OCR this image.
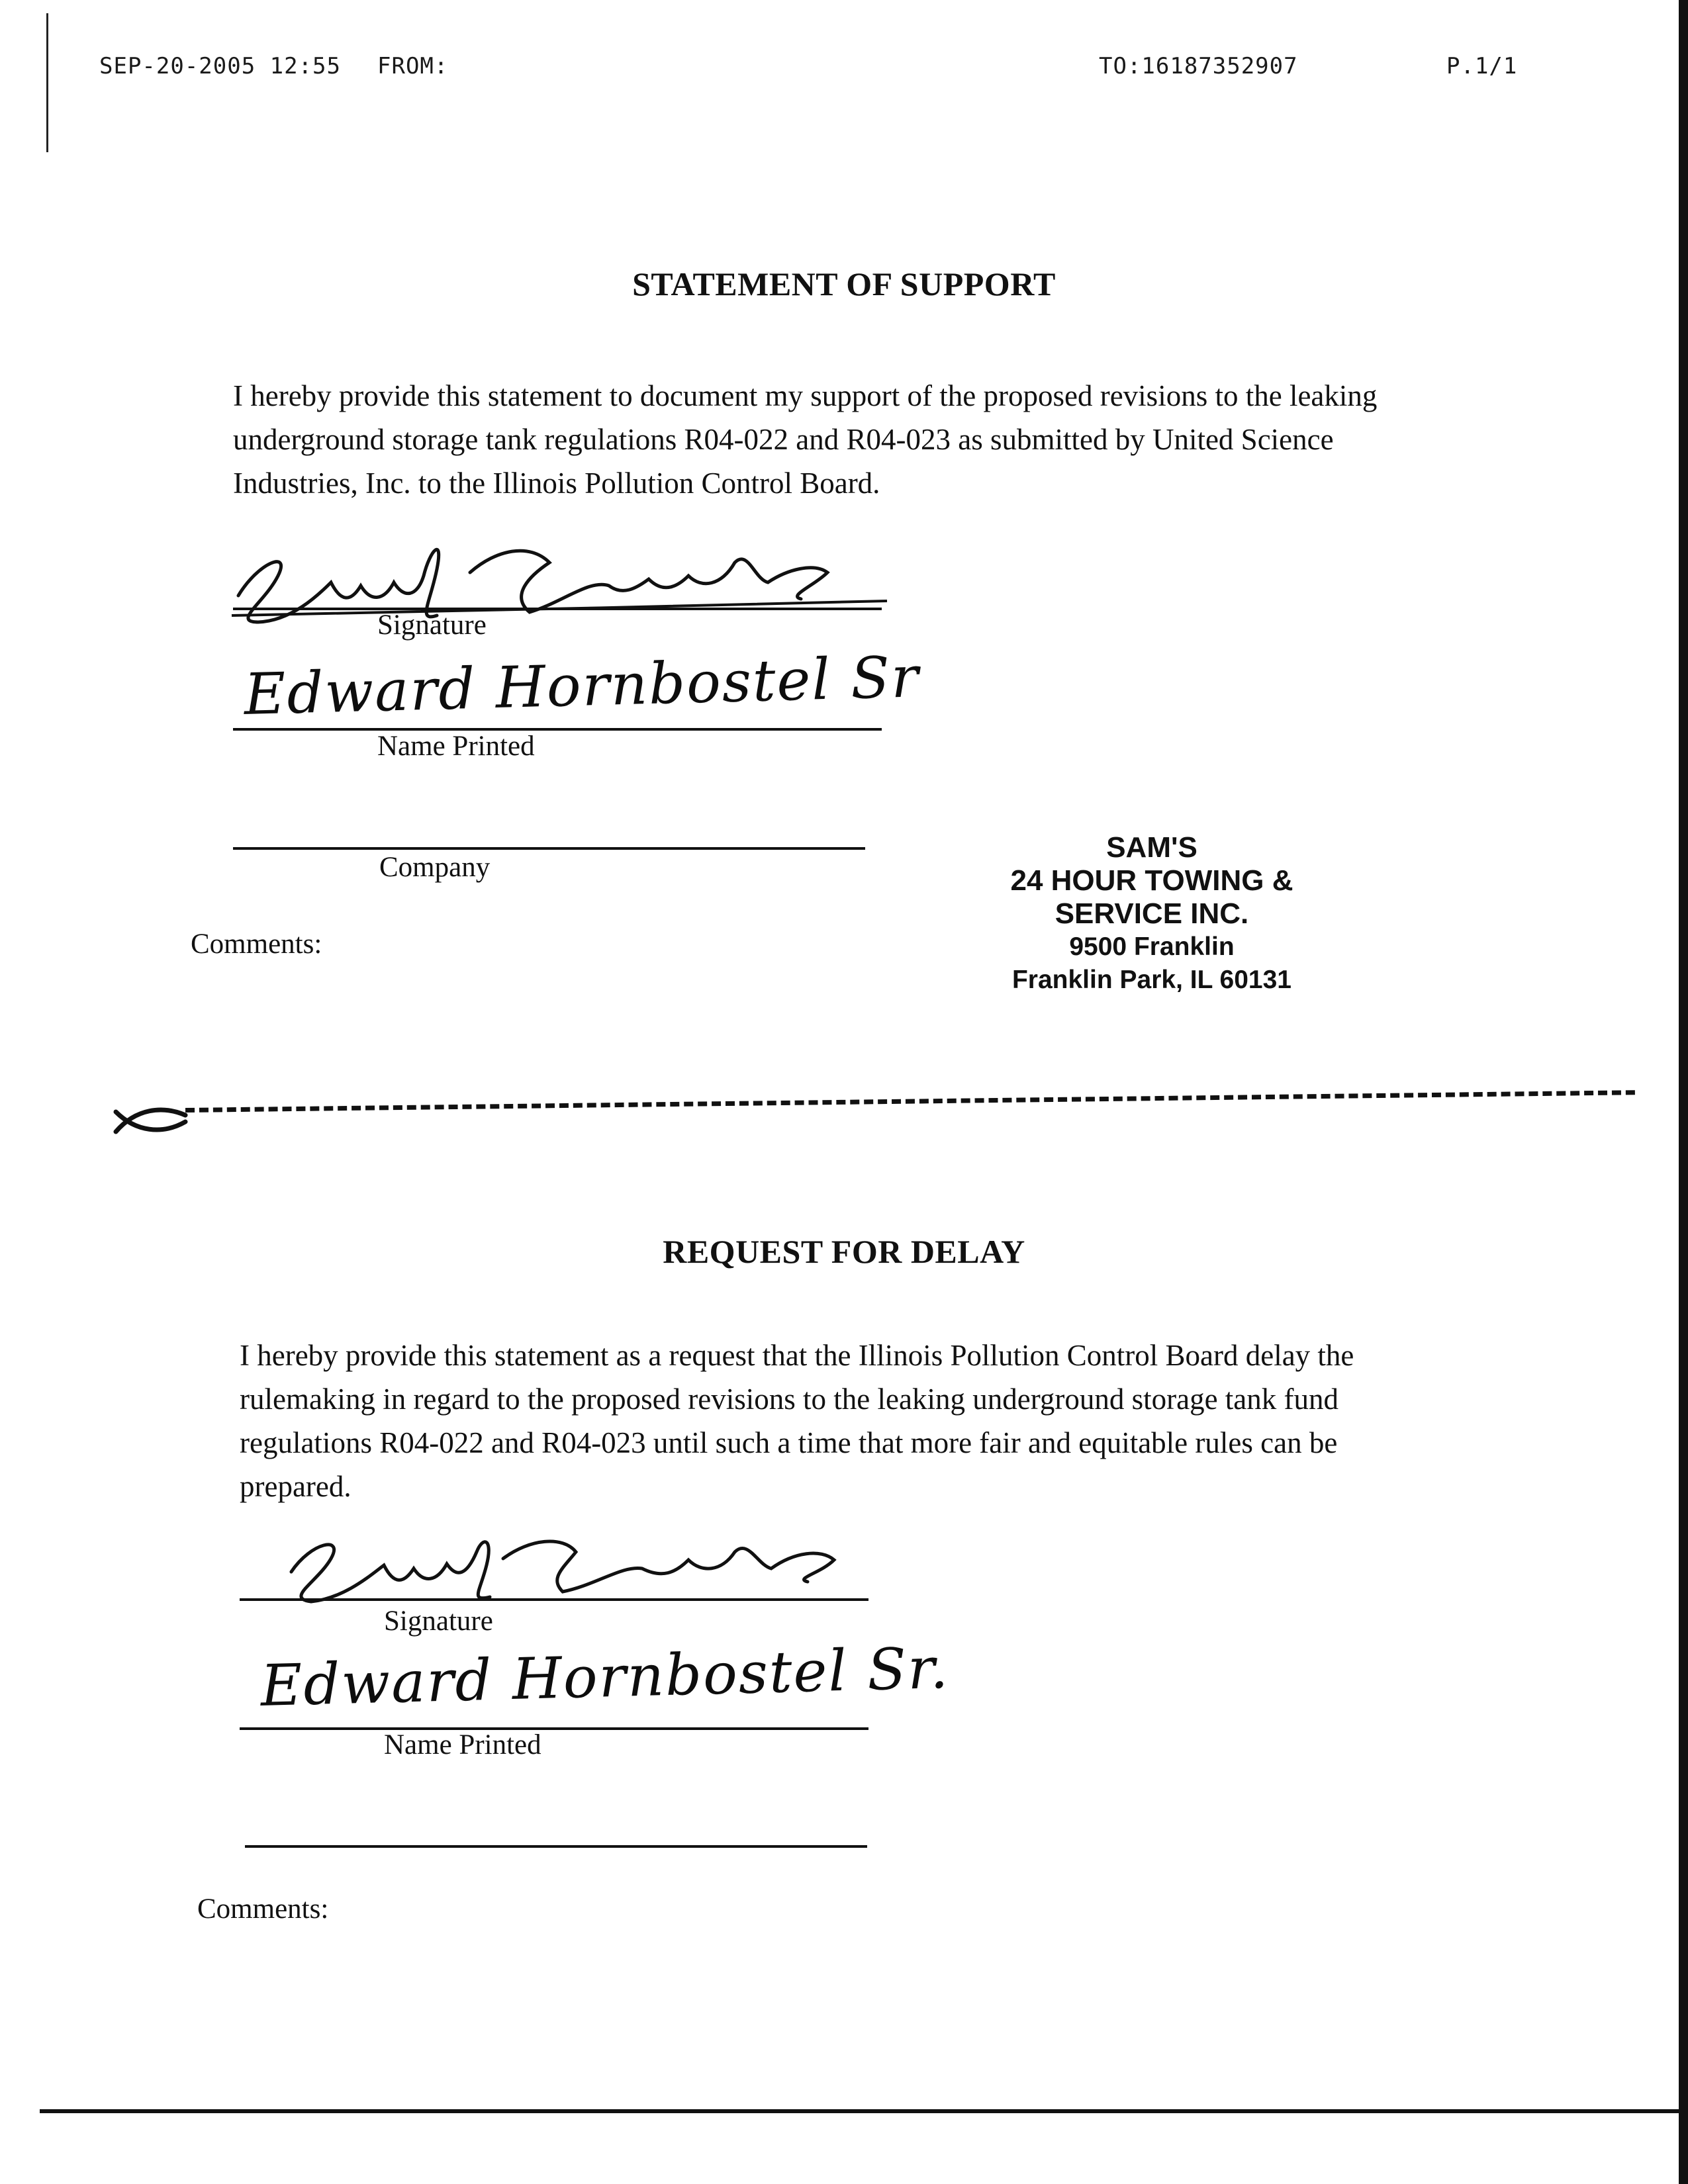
SEP-20-2005 12:55 FROM:	TO:16187352907	P.1/1
STATEMENT OF SUPPORT
I hereby provide this statement to document my support of the proposed revisions to the leaking
underground storage tank regulations R04-022 and R04-023 as submitted by United Science
Industries, Inc. to the Illinois Pollution Control Board.
Signature
Edward Hornbostel Sr
Name Printed
Company
SAM'S
24 HOUR TOWING &
SERVICE INC.
9500 Franklin
Franklin Park, IL 60131
Comments:
REQUEST FOR DELAY
I hereby provide this statement as a request that the Illinois Pollution Control Board delay the
rulemaking in regard to the proposed revisions to the leaking underground storage tank fund
regulations R04-022 and R04-023 until such a time that more fair and equitable rules can be
prepared.
Signature
Edward Hornbostel Sr.
Name Printed
Comments:
